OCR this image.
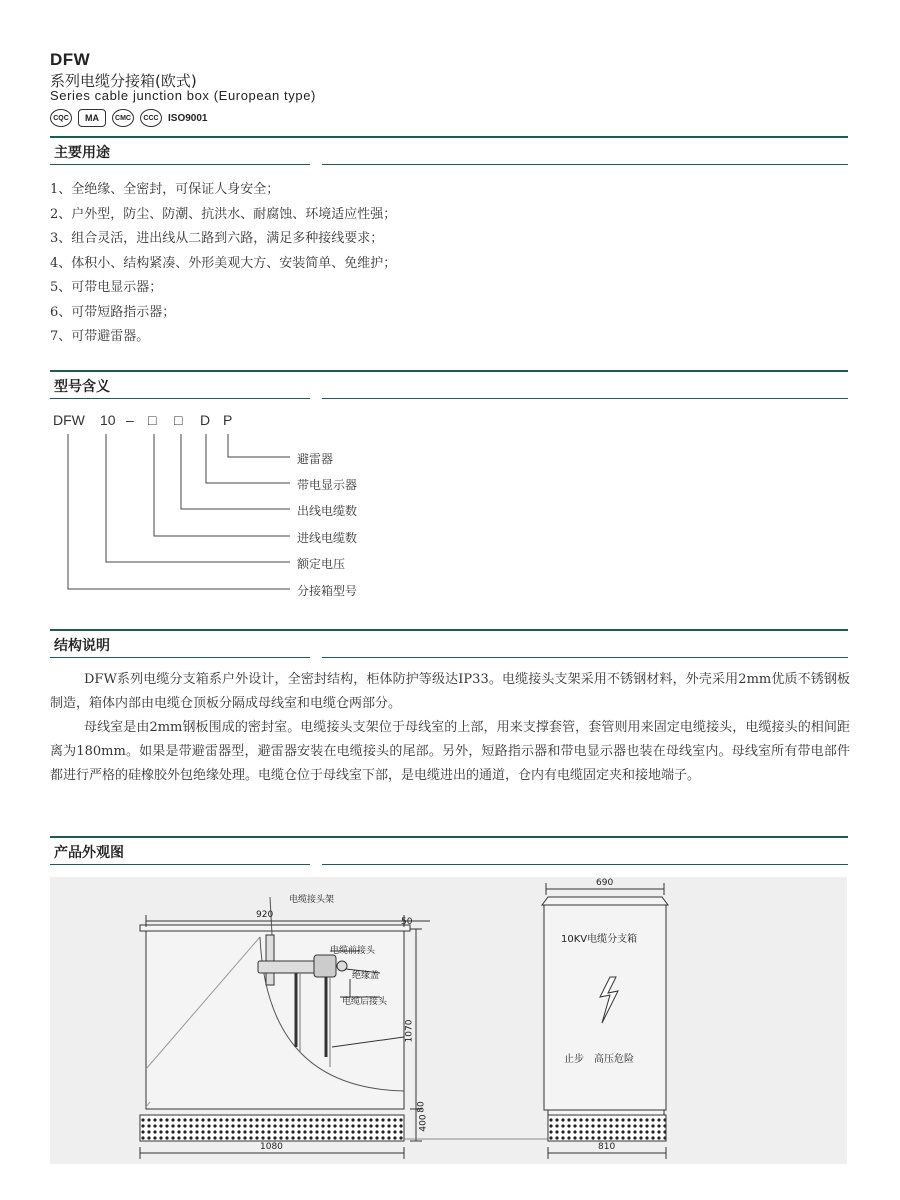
DFW
系列电缆分接箱(欧式)
Series cable junction box (European type)
CQC	MA	CMC	CCC ISO9001
主要用途
1、全绝缘、全密封，可保证人身安全；
2、户外型，防尘、防潮、抗洪水、耐腐蚀、环境适应性强；
3、组合灵活，进出线从二路到六路，满足多种接线要求；
4、体积小、结构紧凑、外形美观大方、安装简单、免维护；
5、可带电显示器；
6、可带短路指示器；
7、可带避雷器。
型号含义
DFW 10 – □ □ D P
避雷器
带电显示器
出线电缆数
进线电缆数
额定电压
分接箱型号
结构说明
DFW系列电缆分支箱系户外设计，全密封结构，柜体防护等级达IP33。电缆接头支架采用不锈钢材料，外壳采用2mm优质不锈钢板制造，箱体内部由电缆仓顶板分隔成母线室和电缆仓两部分。
母线室是由2mm钢板围成的密封室。电缆接头支架位于母线室的上部，用来支撑套管，套管则用来固定电缆接头，电缆接头的相间距离为180mm。如果是带避雷器型，避雷器安装在电缆接头的尾部。另外，短路指示器和带电显示器也装在母线室内。母线室所有带电部件都进行严格的硅橡胶外包绝缘处理。电缆仓位于母线室下部，是电缆进出的通道，仓内有电缆固定夹和接地端子。
产品外观图
电缆接头架
电缆前接头
绝缘盖
电缆后接头
920
50
1070
400
80
1080
690
10KV电缆分支箱
止步　高压危险
810
